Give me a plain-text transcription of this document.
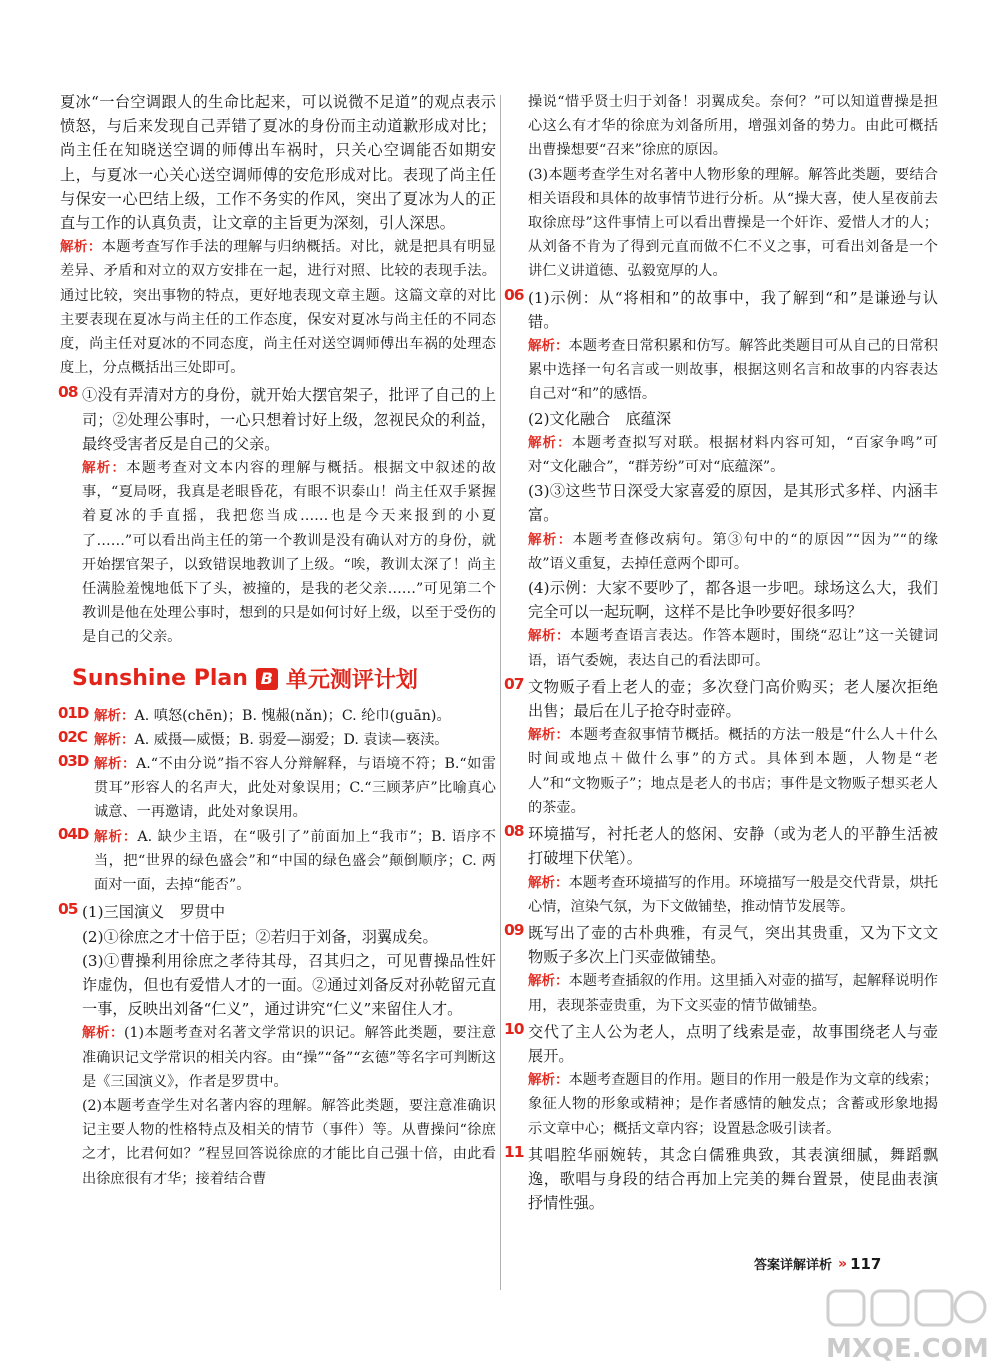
夏冰“一台空调跟人的生命比起来，可以说微不足道”的观点表示愤怒，与后来发现自己弄错了夏冰的身份而主动道歉形成对比；尚主任在知晓送空调的师傅出车祸时，只关心空调能否如期安上，与夏冰一心关心送空调师傅的安危形成对比。表现了尚主任与保安一心巴结上级，工作不务实的作风，突出了夏冰为人的正直与工作的认真负责，让文章的主旨更为深刻，引人深思。

解析：本题考查写作手法的理解与归纳概括。对比，就是把具有明显差异、矛盾和对立的双方安排在一起，进行对照、比较的表现手法。通过比较，突出事物的特点，更好地表现文章主题。这篇文章的对比主要表现在夏冰与尚主任的工作态度，保安对夏冰与尚主任的不同态度，尚主任对夏冰的不同态度，尚主任对送空调师傅出车祸的处理态度上，分点概括出三处即可。

08 ①没有弄清对方的身份，就开始大摆官架子，批评了自己的上司；②处理公事时，一心只想着讨好上级，忽视民众的利益，最终受害者反是自己的父亲。

解析：本题考查对文本内容的理解与概括。根据文中叙述的故事，“夏局呀，我真是老眼昏花，有眼不识泰山！尚主任双手紧握着夏冰的手直摇，我把您当成……也是今天来报到的小夏了……”可以看出尚主任的第一个教训是没有确认对方的身份，就开始摆官架子，以致错误地教训了上级。“唉，教训太深了！尚主任满脸羞愧地低下了头，被撞的，是我的老父亲……”可见第二个教训是他在处理公事时，想到的只是如何讨好上级，以至于受伤的是自己的父亲。

Sunshine Plan B 单元测评计划
01D 解析：A. 嗔怒(chēn)；B. 愧赧(nǎn)；C. 纶巾(guān)。

02C 解析：A. 威摄—威慑；B. 弱爱—溺爱；D. 袁读—亵渎。

03D 解析：A.“不由分说”指不容人分辩解释，与语境不符；B.“如雷贯耳”形容人的名声大，此处对象误用；C.“三顾茅庐”比喻真心诚意、一再邀请，此处对象误用。

04D 解析：A. 缺少主语，在“吸引了”前面加上“我市”；B. 语序不当，把“世界的绿色盛会”和“中国的绿色盛会”颠倒顺序；C. 两面对一面，去掉“能否”。

05 (1)三国演义　罗贯中

(2)①徐庶之才十倍于臣；②若归于刘备，羽翼成矣。

(3)①曹操利用徐庶之孝待其母，召其归之，可见曹操品性奸诈虚伪，但也有爱惜人才的一面。②通过刘备反对孙乾留元直一事，反映出刘备“仁义”，通过讲究“仁义”来留住人才。

解析：(1)本题考查对名著文学常识的识记。解答此类题，要注意准确识记文学常识的相关内容。由“操”“备”“玄德”等名字可判断这是《三国演义》，作者是罗贯中。

(2)本题考查学生对名著内容的理解。解答此类题，要注意准确识记主要人物的性格特点及相关的情节（事件）等。从曹操问“徐庶之才，比君何如？”程昱回答说徐庶的才能比自己强十倍，由此看出徐庶很有才华；接着结合曹

操说“惜乎贤士归于刘备！羽翼成矣。奈何？”可以知道曹操是担心这么有才华的徐庶为刘备所用，增强刘备的势力。由此可概括出曹操想要“召来”徐庶的原因。

(3)本题考查学生对名著中人物形象的理解。解答此类题，要结合相关语段和具体的故事情节进行分析。从“操大喜，使人星夜前去取徐庶母”这件事情上可以看出曹操是一个奸诈、爱惜人才的人；从刘备不肯为了得到元直而做不仁不义之事，可看出刘备是一个讲仁义讲道德、弘毅宽厚的人。

06 (1)示例：从“将相和”的故事中，我了解到“和”是谦逊与认错。

解析：本题考查日常积累和仿写。解答此类题目可从自己的日常积累中选择一句名言或一则故事，根据这则名言和故事的内容表达自己对“和”的感悟。

(2)文化融合　底蕴深

解析：本题考查拟写对联。根据材料内容可知，“百家争鸣”可对“文化融合”，“群芳纷”可对“底蕴深”。

(3)③这些节日深受大家喜爱的原因，是其形式多样、内涵丰富。

解析：本题考查修改病句。第③句中的“的原因”“因为”“的缘故”语义重复，去掉任意两个即可。

(4)示例：大家不要吵了，都各退一步吧。球场这么大，我们完全可以一起玩啊，这样不是比争吵要好很多吗？

解析：本题考查语言表达。作答本题时，围绕“忍让”这一关键词语，语气委婉，表达自己的看法即可。

07 文物贩子看上老人的壶；多次登门高价购买；老人屡次拒绝出售；最后在儿子抢夺时壶碎。

解析：本题考查叙事情节概括。概括的方法一般是“什么人＋什么时间或地点＋做什么事”的方式。具体到本题，人物是“老人”和“文物贩子”；地点是老人的书店；事件是文物贩子想买老人的茶壶。

08 环境描写，衬托老人的悠闲、安静（或为老人的平静生活被打破埋下伏笔）。

解析：本题考查环境描写的作用。环境描写一般是交代背景，烘托心情，渲染气氛，为下文做铺垫，推动情节发展等。

09 既写出了壶的古朴典雅，有灵气，突出其贵重，又为下文文物贩子多次上门买壶做铺垫。

解析：本题考查插叙的作用。这里插入对壶的描写，起解释说明作用，表现茶壶贵重，为下文买壶的情节做铺垫。

10 交代了主人公为老人，点明了线索是壶，故事围绕老人与壶展开。

解析：本题考查题目的作用。题目的作用一般是作为文章的线索；象征人物的形象或精神；是作者感情的触发点；含蓄或形象地揭示文章中心；概括文章内容；设置悬念吸引读者。

11 其唱腔华丽婉转，其念白儒雅典致，其表演细腻，舞蹈飘逸，歌唱与身段的结合再加上完美的舞台置景，使昆曲表演抒情性强。

答案详解详析 » 117
MXQE.COM
